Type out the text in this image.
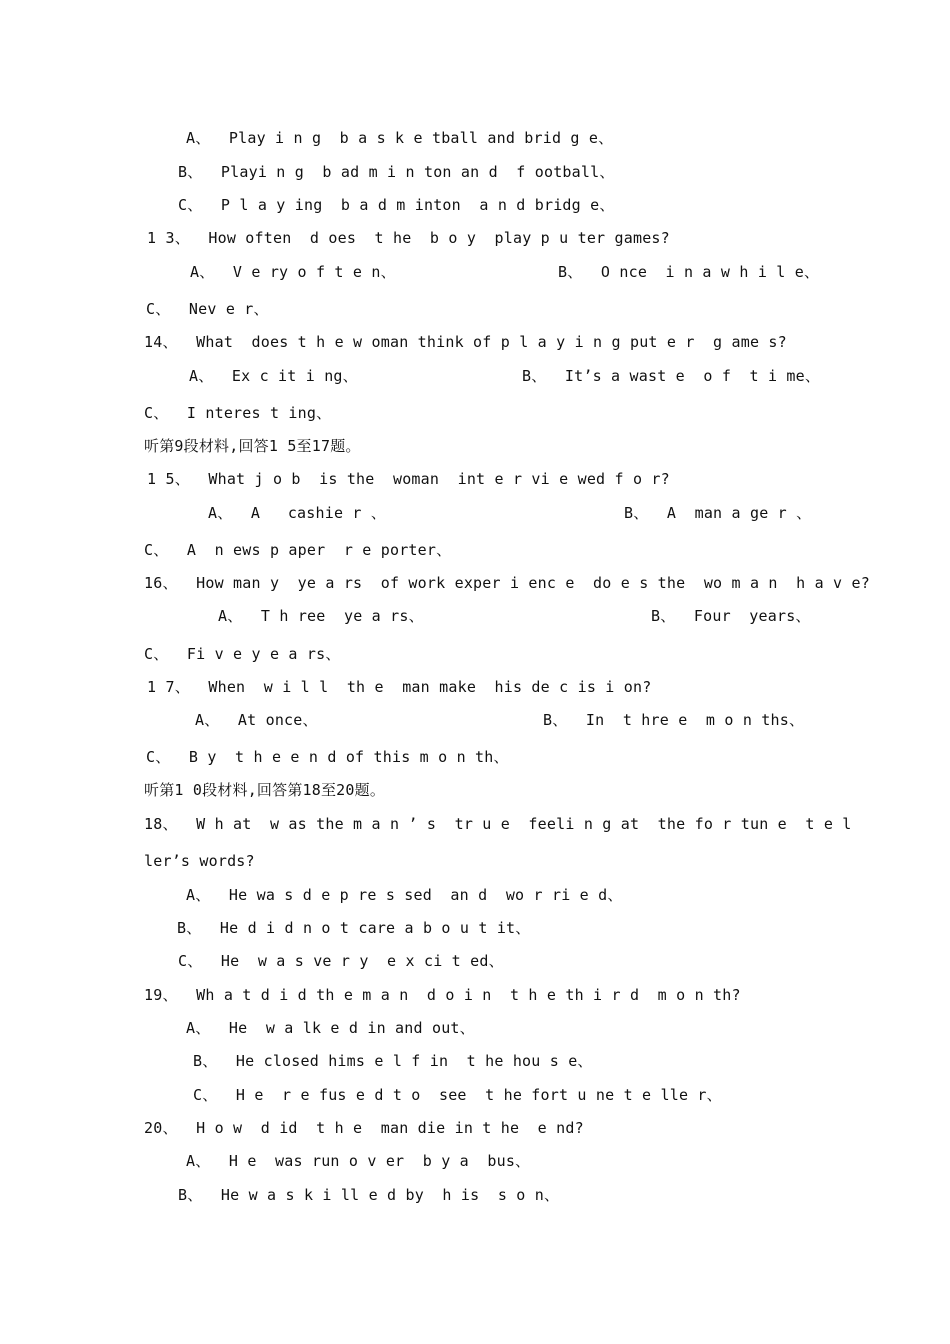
A、  Play i n g  b a s k e tball and brid g e、
B、  Playi n g  b ad m i n ton an d  f ootball、
C、  P l a y ing  b a d m inton  a n d bridg e、
1 3、  How often  d oes  t he  b o y  play p u ter games?
A、  V e ry o f t e n、	B、  O nce  i n a w h i l e、
C、  Nev e r、
14、  What  does t h e w oman think of p l a y i n g put e r  g ame s?
A、  Ex c it i ng、	B、  It’s a wast e  o f  t i me、
C、  I nteres t ing、
听第9段材料,回答1 5至17题。
1 5、  What j o b  is the  woman  int e r vi e wed f o r?
A、  A   cashie r 、	B、  A  man a ge r 、
C、  A  n ews p aper  r e porter、
16、  How man y  ye a rs  of work exper i enc e  do e s the  wo m a n  h a v e?
A、  T h ree  ye a rs、	B、  Four  years、
C、  Fi v e y e a rs、
1 7、  When  w i l l  th e  man make  his de c is i on?
A、  At once、	B、  In  t hre e  m o n ths、
C、  B y  t h e e n d of this m o n th、
听第1 0段材料,回答第18至20题。
18、  W h at  w as the m a n ’ s  tr u e  feeli n g at  the fo r tun e  t e l
ler’s words?
A、  He wa s d e p re s sed  an d  wo r ri e d、
B、  He d i d n o t care a b o u t it、
C、  He  w a s ve r y  e x ci t ed、
19、  Wh a t d i d th e m a n  d o i n  t h e th i r d  m o n th?
A、  He  w a lk e d in and out、
B、  He closed hims e l f in  t he hou s e、
C、  H e  r e fus e d t o  see  t he fort u ne t e lle r、
20、  H o w  d id  t h e  man die in t he  e nd?
A、  H e  was run o v er  b y a  bus、
B、  He w a s k i ll e d by  h is  s o n、
